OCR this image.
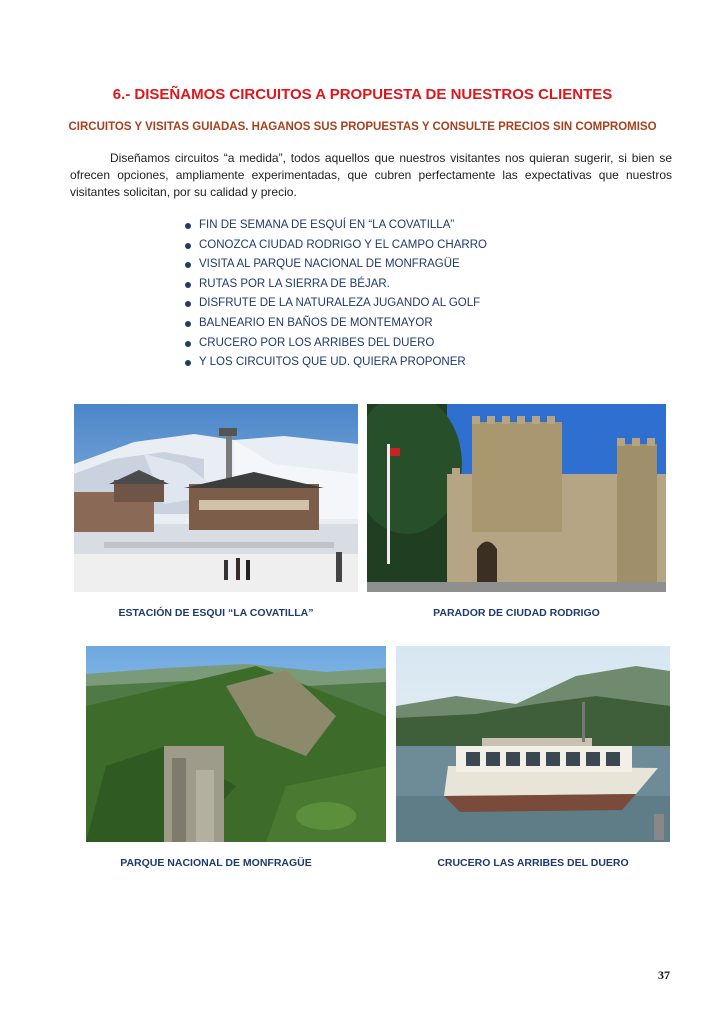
6.- DISEÑAMOS CIRCUITOS A PROPUESTA DE NUESTROS CLIENTES
CIRCUITOS Y VISITAS GUIADAS. HAGANOS SUS PROPUESTAS Y CONSULTE PRECIOS SIN COMPROMISO
Diseñamos circuitos “a medida”, todos aquellos que nuestros visitantes nos quieran sugerir, si bien se ofrecen opciones, ampliamente experimentadas, que cubren perfectamente las expectativas que nuestros visitantes solicitan, por su calidad y precio.
FIN DE SEMANA DE ESQUÍ EN “LA COVATILLA”
CONOZCA CIUDAD RODRIGO Y EL CAMPO CHARRO
VISITA AL PARQUE NACIONAL DE MONFRAGÜE
RUTAS POR LA SIERRA DE BÉJAR.
DISFRUTE DE LA NATURALEZA JUGANDO AL GOLF
BALNEARIO EN BAÑOS DE MONTEMAYOR
CRUCERO POR LOS ARRIBES DEL DUERO
Y LOS CIRCUITOS QUE UD. QUIERA PROPONER
ESTACIÓN DE ESQUI “LA COVATILLA”	PARADOR DE CIUDAD RODRIGO
PARQUE NACIONAL DE MONFRAGÜE	CRUCERO LAS ARRIBES DEL DUERO
37
